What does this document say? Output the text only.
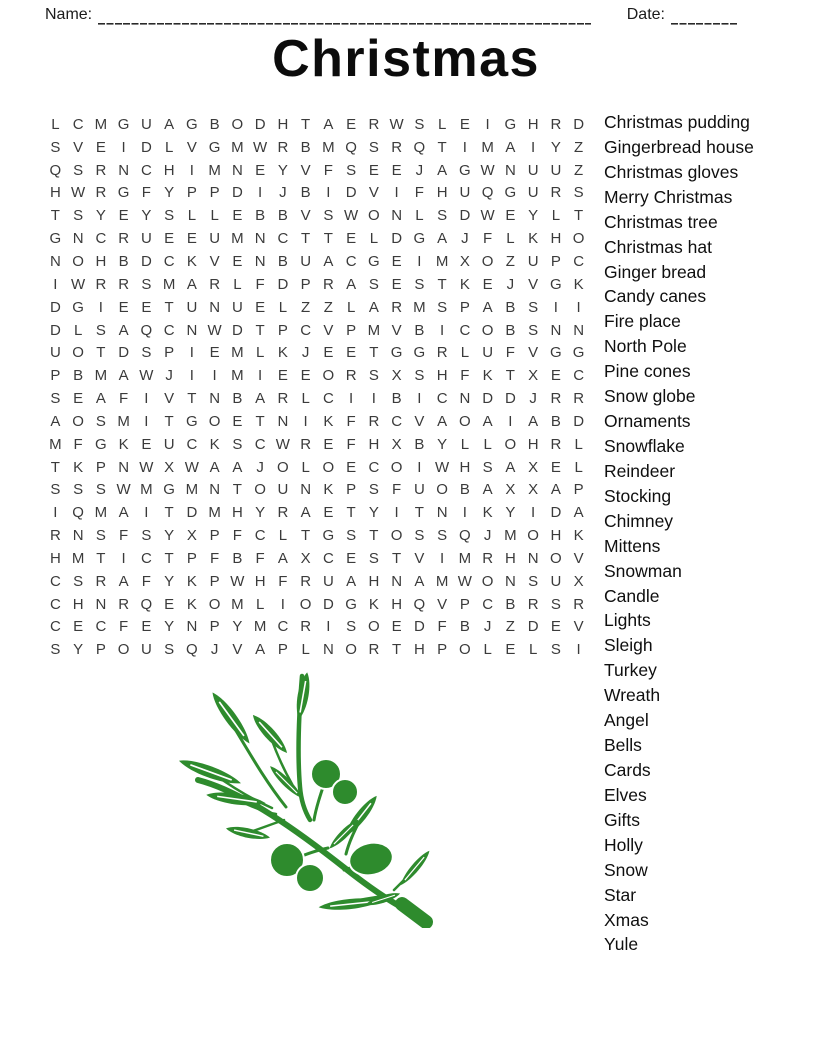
Name:	Date:
Christmas
L C M G U A G B O D H T A E R W S L E	I G H R D
S V E	I	D L V G M W R B M Q S R Q T	I M A	I	Y Z
Q S R N C H	I M N E Y V F S E E J A G W N U U Z
H W R G F Y P P D	I	J B	I	D V	I	F H U Q G U R S
T S Y E Y S L L E B B V S W O N L S D W E Y L T
G N C R U E E U M N C T T E L D G A J F L K H O
N O H B D C K V E N B U A C G E	I M X O Z U P C
I W R R S M A R L F D P R A S E S T K E J V G K
D G I	E E T U N U E L Z Z L A R M S P A B S	I	I
D L S A Q C N W D T P C V P M V B	I	C O B S N N
U O T D S P	I	E M L K J E E T G G R L U F V G G
P B M A W J	I	I M I	E E O R S X S H F K T X E C
S E A F	I	V T N B A R L C	I	I	B	I	C N D D J R R
A O S M I	T G O E T N	I	K F R C V A O A	I	A B D
M F G K E U C K S C W R E F H X B Y L L O H R L
T K P N W X W A A J O L O E C O I W H S A X E L
S S S W M G M N T O U N K P S F U O B A X X A P
I Q M A	I	T D M H Y R A E T Y	I	T N	I	K Y	I	D A
R N S F S Y X P F C L T G S T O S S Q J M O H K
H M T	I	C T P F B F A X C E S T V	I M R H N O V
C S R A F Y K P W H F R U A H N A M W O N S U X
C H N R Q E K O M L	I O D G K H Q V P C B R S R
C E C F E Y N P Y M C R	I	S O E D F B J Z D E V
S Y P O U S Q J V A P L N O R T H P O L E L S	I
Christmas pudding
Gingerbread house
Christmas gloves
Merry Christmas
Christmas tree
Christmas hat
Ginger bread
Candy canes
Fire place
North Pole
Pine cones
Snow globe
Ornaments
Snowflake
Reindeer
Stocking
Chimney
Mittens
Snowman
Candle
Lights
Sleigh
Turkey
Wreath
Angel
Bells
Cards
Elves
Gifts
Holly
Snow
Star
Xmas
Yule
